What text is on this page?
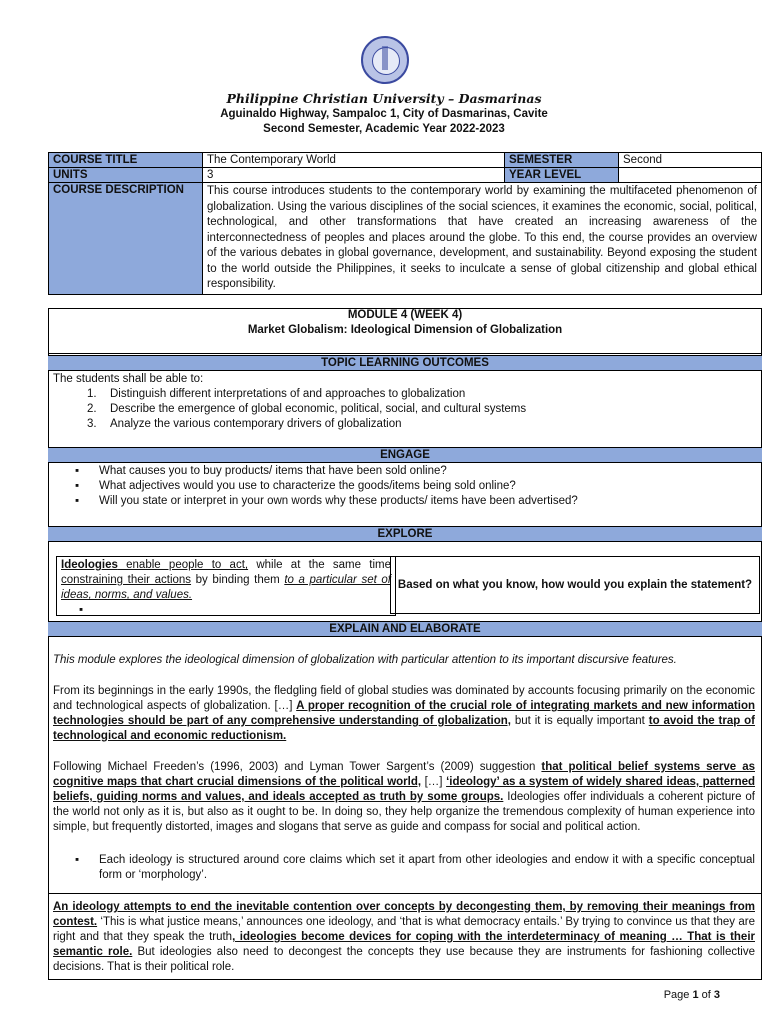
Philippine Christian University – Dasmarinas
Aguinaldo Highway, Sampaloc 1, City of Dasmarinas, Cavite
Second Semester, Academic Year 2022-2023
COURSE TITLE	The Contemporary World	SEMESTER	Second
UNITS	3	YEAR LEVEL	
COURSE DESCRIPTION	This course introduces students to the contemporary world by examining the multifaceted phenomenon of globalization. Using the various disciplines of the social sciences, it examines the economic, social, political, technological, and other transformations that have created an increasing awareness of the interconnectedness of peoples and places around the globe. To this end, the course provides an overview of the various debates in global governance, development, and sustainability. Beyond exposing the student to the world outside the Philippines, it seeks to inculcate a sense of global citizenship and global ethical responsibility.		
MODULE 4 (WEEK 4)
Market Globalism: Ideological Dimension of Globalization
TOPIC LEARNING OUTCOMES
The students shall be able to:
1. Distinguish different interpretations of and approaches to globalization
2. Describe the emergence of global economic, political, social, and cultural systems
3. Analyze the various contemporary drivers of globalization
ENGAGE
▪ What causes you to buy products/ items that have been sold online?
▪ What adjectives would you use to characterize the goods/items being sold online?
▪ Will you state or interpret in your own words why these products/ items have been advertised?
EXPLORE
Ideologies enable people to act, while at the same time constraining their actions by binding them to a particular set of ideas, norms, and values.
▪
Based on what you know, how would you explain the statement?
EXPLAIN AND ELABORATE
This module explores the ideological dimension of globalization with particular attention to its important discursive features.
From its beginnings in the early 1990s, the fledgling field of global studies was dominated by accounts focusing primarily on the economic and technological aspects of globalization. […] A proper recognition of the crucial role of integrating markets and new information technologies should be part of any comprehensive understanding of globalization, but it is equally important to avoid the trap of technological and economic reductionism.
Following Michael Freeden’s (1996, 2003) and Lyman Tower Sargent’s (2009) suggestion that political belief systems serve as cognitive maps that chart crucial dimensions of the political world, […] ‘ideology’ as a system of widely shared ideas, patterned beliefs, guiding norms and values, and ideals accepted as truth by some groups. Ideologies offer individuals a coherent picture of the world not only as it is, but also as it ought to be. In doing so, they help organize the tremendous complexity of human experience into simple, but frequently distorted, images and slogans that serve as guide and compass for social and political action.
▪ Each ideology is structured around core claims which set it apart from other ideologies and endow it with a specific conceptual form or ‘morphology’.
An ideology attempts to end the inevitable contention over concepts by decongesting them, by removing their meanings from contest. ‘This is what justice means,’ announces one ideology, and ‘that is what democracy entails.’ By trying to convince us that they are right and that they speak the truth, ideologies become devices for coping with the interdeterminacy of meaning … That is their semantic role. But ideologies also need to decongest the concepts they use because they are instruments for fashioning collective decisions. That is their political role.
Page 1 of 3
